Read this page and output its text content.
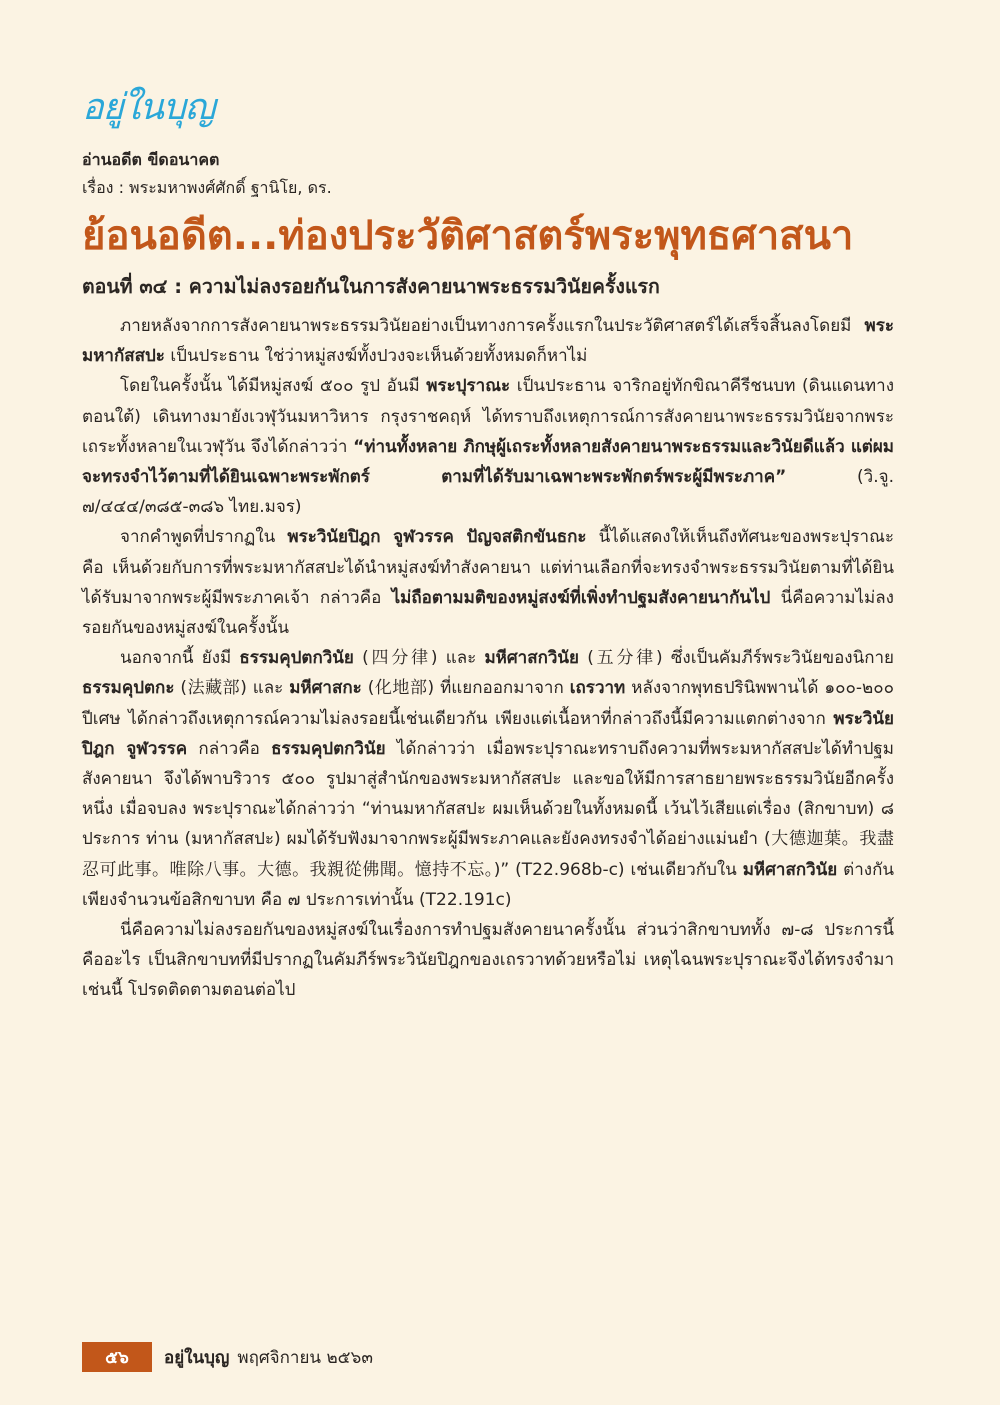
อยู่ในบุญ
อ่านอดีต ขีดอนาคต
เรื่อง : พระมหาพงศ์ศักดิ์ ฐานิโย, ดร.
ย้อนอดีต...ท่องประวัติศาสตร์พระพุทธศาสนา
ตอนที่ ๓๔ : ความไม่ลงรอยกันในการสังคายนาพระธรรมวินัยครั้งแรก

ภายหลังจากการสังคายนาพระธรรมวินัยอย่างเป็นทางการครั้งแรกในประวัติศาสตร์ได้เสร็จสิ้นลงโดยมี พระมหากัสสปะ เป็นประธาน ใช่ว่าหมู่สงฆ์ทั้งปวงจะเห็นด้วยทั้งหมดก็หาไม่

โดยในครั้งนั้น ได้มีหมู่สงฆ์ ๕๐๐ รูป อันมี พระปุราณะ เป็นประธาน จาริกอยู่ทักขิณาคีรีชนบท (ดินแดนทางตอนใต้) เดินทางมายังเวฬุวันมหาวิหาร กรุงราชคฤห์ ได้ทราบถึงเหตุการณ์การสังคายนาพระธรรมวินัยจากพระเถระทั้งหลายในเวฬุวัน จึงได้กล่าวว่า “ท่านทั้งหลาย ภิกษุผู้เถระทั้งหลายสังคายนาพระธรรมและวินัยดีแล้ว แต่ผมจะทรงจำไว้ตามที่ได้ยินเฉพาะพระพักตร์ ตามที่ได้รับมาเฉพาะพระพักตร์พระผู้มีพระภาค” (วิ.จู. ๗/๔๔๔/๓๘๕-๓๘๖ ไทย.มจร)

จากคำพูดที่ปรากฏใน พระวินัยปิฎก จูฬวรรค ปัญจสติกขันธกะ นี้ได้แสดงให้เห็นถึงทัศนะของพระปุราณะ คือ เห็นด้วยกับการที่พระมหากัสสปะได้นำหมู่สงฆ์ทำสังคายนา แต่ท่านเลือกที่จะทรงจำพระธรรมวินัยตามที่ได้ยินได้รับมาจากพระผู้มีพระภาคเจ้า กล่าวคือ ไม่ถือตามมติของหมู่สงฆ์ที่เพิ่งทำปฐมสังคายนากันไป นี่คือความไม่ลงรอยกันของหมู่สงฆ์ในครั้งนั้น

นอกจากนี้ ยังมี ธรรมคุปตกวินัย (四分律) และ มหีศาสกวินัย (五分律) ซึ่งเป็นคัมภีร์พระวินัยของนิกาย ธรรมคุปตกะ (法藏部) และ มหีศาสกะ (化地部) ที่แยกออกมาจาก เถรวาท หลังจากพุทธปรินิพพานได้ ๑๐๐-๒๐๐ ปีเศษ ได้กล่าวถึงเหตุการณ์ความไม่ลงรอยนี้เช่นเดียวกัน เพียงแต่เนื้อหาที่กล่าวถึงนี้มีความแตกต่างจาก พระวินัยปิฎก จูฬวรรค กล่าวคือ ธรรมคุปตกวินัย ได้กล่าวว่า เมื่อพระปุราณะทราบถึงความที่พระมหากัสสปะได้ทำปฐมสังคายนา จึงได้พาบริวาร ๕๐๐ รูปมาสู่สำนักของพระมหากัสสปะ และขอให้มีการสาธยายพระธรรมวินัยอีกครั้งหนึ่ง เมื่อจบลง พระปุราณะได้กล่าวว่า “ท่านมหากัสสปะ ผมเห็นด้วยในทั้งหมดนี้ เว้นไว้เสียแต่เรื่อง (สิกขาบท) ๘ ประการ ท่าน (มหากัสสปะ) ผมได้รับฟังมาจากพระผู้มีพระภาคและยังคงทรงจำได้อย่างแม่นยำ (大德迦葉。我盡忍可此事。唯除八事。大德。我親從佛聞。憶持不忘。)” (T22.968b-c) เช่นเดียวกับใน มหีศาสกวินัย ต่างกันเพียงจำนวนข้อสิกขาบท คือ ๗ ประการเท่านั้น (T22.191c)

นี่คือความไม่ลงรอยกันของหมู่สงฆ์ในเรื่องการทำปฐมสังคายนาครั้งนั้น ส่วนว่าสิกขาบททั้ง ๗-๘ ประการนี้ คืออะไร เป็นสิกขาบทที่มีปรากฏในคัมภีร์พระวินัยปิฎกของเถรวาทด้วยหรือไม่ เหตุไฉนพระปุราณะจึงได้ทรงจำมาเช่นนี้ โปรดติดตามตอนต่อไป

๕๖	อยู่ในบุญ พฤศจิกายน ๒๕๖๓
